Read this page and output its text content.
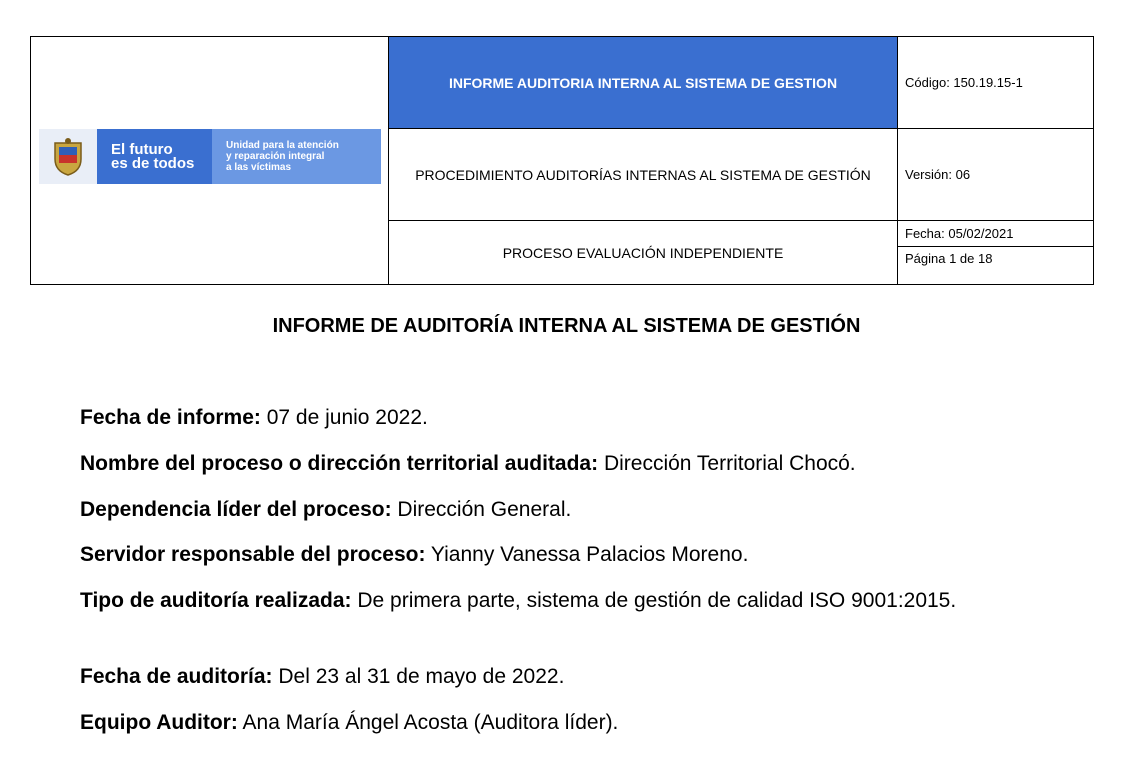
El futuro
es de todos
Unidad para la atención
y reparación integral
a las víctimas
INFORME AUDITORIA INTERNA AL SISTEMA DE GESTION	Código: 150.19.15-1
PROCEDIMIENTO AUDITORÍAS INTERNAS AL SISTEMA DE GESTIÓN	Versión: 06
PROCESO EVALUACIÓN INDEPENDIENTE
Fecha: 05/02/2021
Página 1 de 18
INFORME DE AUDITORÍA INTERNA AL SISTEMA DE GESTIÓN
Fecha de informe: 07 de junio 2022.
Nombre del proceso o dirección territorial auditada: Dirección Territorial Chocó.
Dependencia líder del proceso: Dirección General.
Servidor responsable del proceso: Yianny Vanessa Palacios Moreno.
Tipo de auditoría realizada: De primera parte, sistema de gestión de calidad ISO 9001:2015.
Fecha de auditoría: Del 23 al 31 de mayo de 2022.
Equipo Auditor: Ana María Ángel Acosta (Auditora líder).
